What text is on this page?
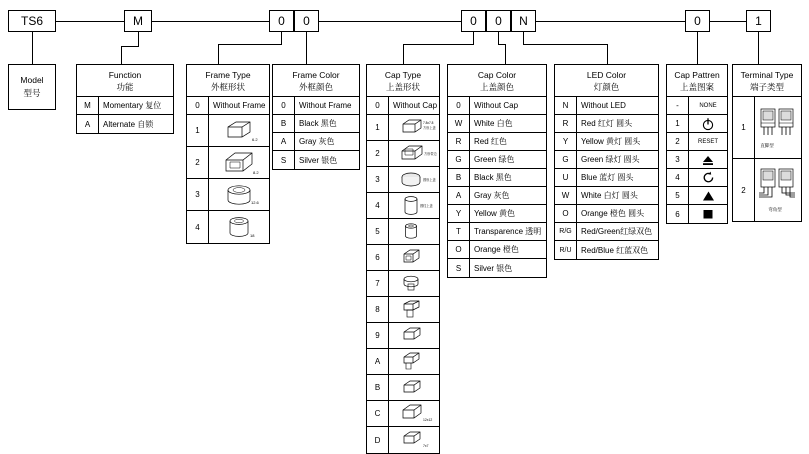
TS6	M	0	0	0	0	N	0	1
Model
型号
Function
功能
M	Momentary 复位
A	Alternate 自锁
Frame Type
外框形状
0	Without Frame
1
6.2
2
8.2
3
12.6
4
18
Frame Color
外框颜色
0	Without Frame
B	Black 黑色
A	Gray 灰色
S	Silver 银色
Cap Type
上盖形状
0	Without Cap
1
7.8x7.8
方形上盖
2	方形带边
3	圆形上盖
4	圆柱上盖
5
6
7
8
9
A
B
C
12x12
D
7x7
Cap Color
上盖颜色
0	Without Cap
W	White 白色
R	Red 红色
G	Green 绿色
B	Black 黑色
A	Gray 灰色
Y	Yellow 黄色
T	Transparence 透明
O	Orange 橙色
S	Silver 银色
LED Color
灯颜色
N	Without LED
R	Red 红灯 圆头
Y	Yellow 黄灯 圆头
G	Green 绿灯 圆头
U	Blue 蓝灯 圆头
W	White 白灯 圆头
O	Orange 橙色 圆头
R/G	Red/Green红绿双色
R/U	Red/Blue 红蓝双色
Cap Pattren
上盖图案
-	NONE
1
2	RESET
3
4
5
6
Terminal Type
端子类型
1
直脚型
2
弯角型
